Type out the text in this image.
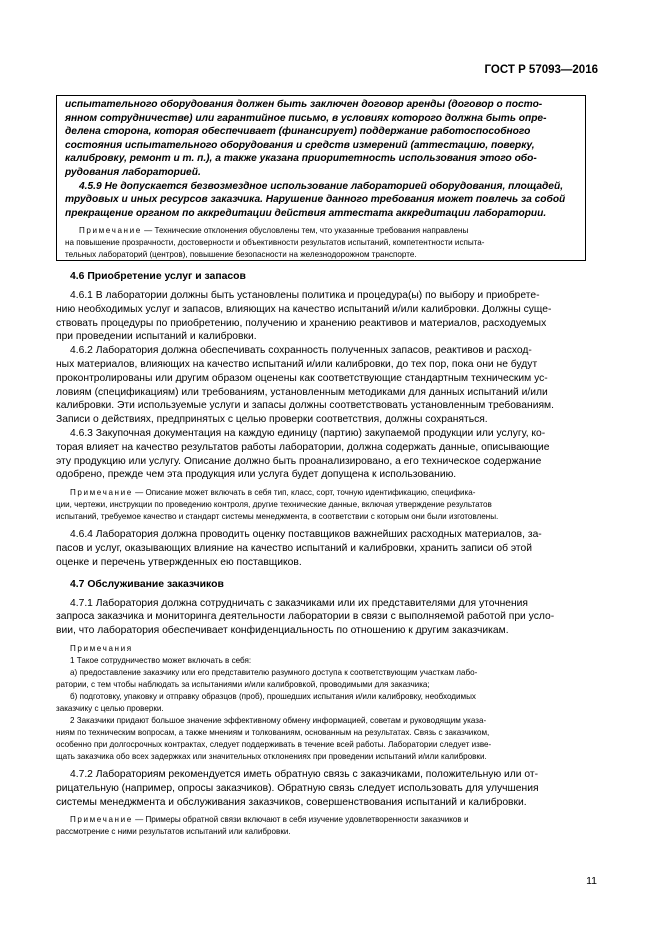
ГОСТ Р 57093—2016

испытательного оборудования должен быть заключен договор аренды (договор о посто-

янном сотрудничестве) или гарантийное письмо, в условиях которого должна быть опре-

делена сторона, которая обеспечивает (финансирует) поддержание работоспособного

состояния испытательного оборудования и средств измерений (аттестацию, поверку,

калибровку, ремонт и т. п.), а также указана приоритетность использования этого обо-

рудования лабораторией.

4.5.9 Не допускается безвозмездное использование лабораторией оборудования, площадей,

трудовых и иных ресурсов заказчика. Нарушение данного требования может повлечь за собой

прекращение органом по аккредитации действия аттестата аккредитации лаборатории.

Примечание — Технические отклонения обусловлены тем, что указанные требования направлены

на повышение прозрачности, достоверности и объективности результатов испытаний, компетентности испыта-

тельных лабораторий (центров), повышение безопасности на железнодорожном транспорте.

4.6 Приобретение услуг и запасов

4.6.1 В лаборатории должны быть установлены политика и процедура(ы) по выбору и приобрете-

нию необходимых услуг и запасов, влияющих на качество испытаний и/или калибровки. Должны суще-

ствовать процедуры по приобретению, получению и хранению реактивов и материалов, расходуемых

при проведении испытаний и калибровки.

4.6.2 Лаборатория должна обеспечивать сохранность полученных запасов, реактивов и расход-

ных материалов, влияющих на качество испытаний и/или калибровки, до тех пор, пока они не будут

проконтролированы или другим образом оценены как соответствующие стандартным техническим ус-

ловиям (спецификациям) или требованиям, установленным методиками для данных испытаний и/или

калибровки. Эти используемые услуги и запасы должны соответствовать установленным требованиям.

Записи о действиях, предпринятых с целью проверки соответствия, должны сохраняться.

4.6.3 Закупочная документация на каждую единицу (партию) закупаемой продукции или услугу, ко-

торая влияет на качество результатов работы лаборатории, должна содержать данные, описывающие

эту продукцию или услугу. Описание должно быть проанализировано, а его техническое содержание

одобрено, прежде чем эта продукция или услуга будет допущена к использованию.

Примечание — Описание может включать в себя тип, класс, сорт, точную идентификацию, специфика-

ции, чертежи, инструкции по проведению контроля, другие технические данные, включая утверждение результатов

испытаний, требуемое качество и стандарт системы менеджмента, в соответствии с которым они были изготовлены.

4.6.4 Лаборатория должна проводить оценку поставщиков важнейших расходных материалов, за-

пасов и услуг, оказывающих влияние на качество испытаний и калибровки, хранить записи об этой

оценке и перечень утвержденных ею поставщиков.

4.7 Обслуживание заказчиков

4.7.1 Лаборатория должна сотрудничать с заказчиками или их представителями для уточнения

запроса заказчика и мониторинга деятельности лаборатории в связи с выполняемой работой при усло-

вии, что лаборатория обеспечивает конфиденциальность по отношению к другим заказчикам.

Примечания

1 Такое сотрудничество может включать в себя:

а) предоставление заказчику или его представителю разумного доступа к соответствующим участкам лабо-

ратории, с тем чтобы наблюдать за испытаниями и/или калибровкой, проводимыми для заказчика;

б) подготовку, упаковку и отправку образцов (проб), прошедших испытания и/или калибровку, необходимых

заказчику с целью проверки.

2 Заказчики придают большое значение эффективному обмену информацией, советам и руководящим указа-

ниям по техническим вопросам, а также мнениям и толкованиям, основанным на результатах. Связь с заказчиком,

особенно при долгосрочных контрактах, следует поддерживать в течение всей работы. Лаборатории следует изве-

щать заказчика обо всех задержках или значительных отклонениях при проведении испытаний и/или калибровки.

4.7.2 Лабораториям рекомендуется иметь обратную связь с заказчиками, положительную или от-

рицательную (например, опросы заказчиков). Обратную связь следует использовать для улучшения

системы менеджмента и обслуживания заказчиков, совершенствования испытаний и калибровки.

Примечание — Примеры обратной связи включают в себя изучение удовлетворенности заказчиков и

рассмотрение с ними результатов испытаний или калибровки.

11
